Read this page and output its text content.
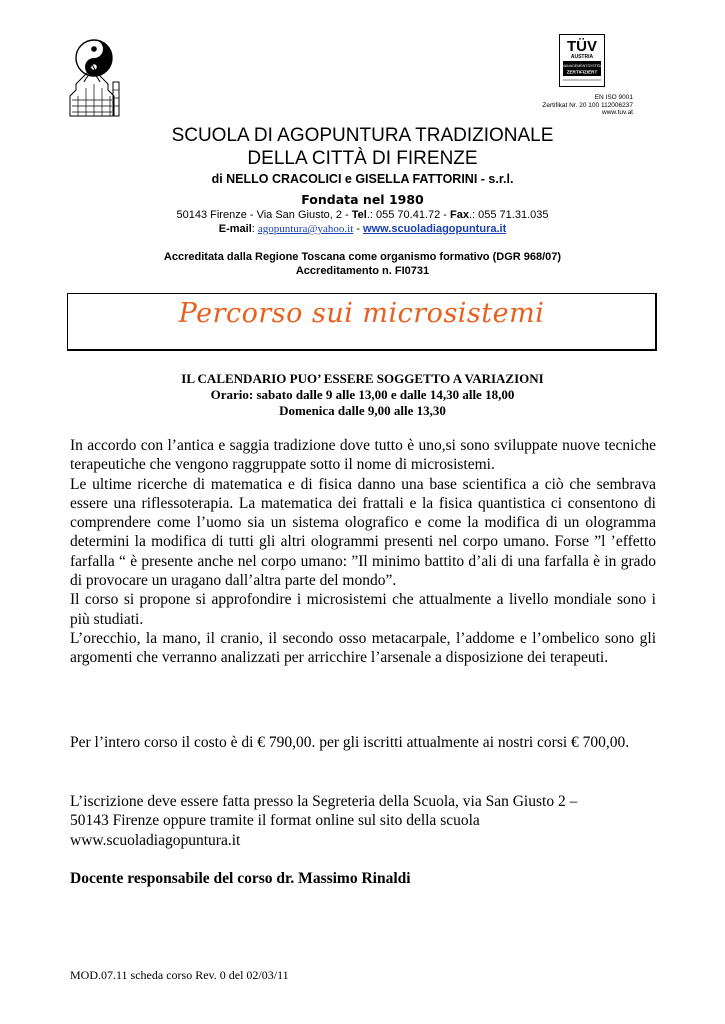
TÜV
AUSTRIA
MANAGEMENTSYSTEM
ZERTIFIZIERT
EN ISO 9001
Zertifikat Nr. 20 100 112006237
www.tuv.at
SCUOLA DI AGOPUNTURA TRADIZIONALE
DELLA CITTÀ DI FIRENZE
di NELLO CRACOLICI e GISELLA FATTORINI - s.r.l.
Fondata nel 1980
50143 Firenze - Via San Giusto, 2 - Tel.: 055 70.41.72 - Fax.: 055 71.31.035
E-mail: agopuntura@yahoo.it - www.scuoladiagopuntura.it
Accreditata dalla Regione Toscana come organismo formativo (DGR 968/07)
Accreditamento n. FI0731
Percorso sui microsistemi
IL CALENDARIO PUO’ ESSERE SOGGETTO A VARIAZIONI
Orario: sabato dalle 9 alle 13,00 e dalle 14,30 alle 18,00
Domenica dalle 9,00 alle 13,30

In accordo con l’antica e saggia tradizione dove tutto è uno,si sono sviluppate nuove tecniche terapeutiche che vengono raggruppate sotto il nome di microsistemi.

Le ultime ricerche di matematica e di fisica danno una base scientifica a ciò che sembrava essere una riflessoterapia. La matematica dei frattali e la fisica quantistica ci consentono di comprendere come l’uomo sia un sistema olografico e come la modifica di un ologramma determini la modifica di tutti gli altri ologrammi presenti nel corpo umano. Forse ”l ’effetto farfalla “ è presente anche nel corpo umano: ”Il minimo battito d’ali di una farfalla è in grado di provocare un uragano dall’altra parte del mondo”.

Il corso si propone si approfondire i microsistemi che attualmente a livello mondiale sono i più studiati.

L’orecchio, la mano, il cranio, il secondo osso metacarpale, l’addome e l’ombelico sono gli argomenti che verranno analizzati per arricchire l’arsenale a disposizione dei terapeuti.

Per l’intero corso il costo è di € 790,00. per gli iscritti attualmente ai nostri corsi € 700,00.
L’iscrizione deve essere fatta presso la Segreteria della Scuola, via San Giusto 2 –
50143 Firenze oppure tramite il format online sul sito della scuola
www.scuoladiagopuntura.it
Docente responsabile del corso dr. Massimo Rinaldi
MOD.07.11 scheda corso Rev. 0 del 02/03/11
